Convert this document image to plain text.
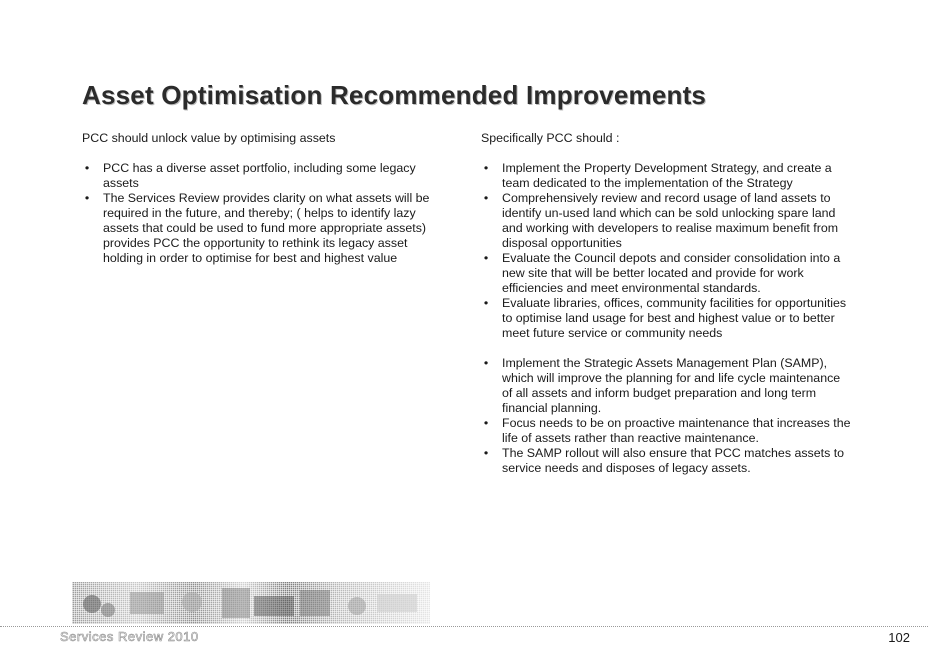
Asset Optimisation Recommended Improvements

PCC should unlock value by optimising assets

• PCC has a diverse asset portfolio, including some legacy assets
• The Services Review provides clarity on what assets will be required in the future, and thereby; ( helps to identify lazy assets that could be used to fund more appropriate assets) provides PCC the opportunity to rethink its legacy asset holding in order to optimise for best and highest value

Specifically PCC should :

• Implement the Property Development Strategy, and create a team dedicated to the implementation of the Strategy
• Comprehensively review and record usage of land assets to identify un-used land which can be sold unlocking spare land and working with developers to realise maximum benefit from disposal opportunities
• Evaluate the Council depots and consider consolidation into a new site that will be better located and provide for work efficiencies and meet environmental standards.
• Evaluate libraries, offices, community facilities for opportunities to optimise land usage for best and highest value or to better meet future service or community needs
• Implement the Strategic Assets Management Plan (SAMP), which will improve the planning for and life cycle maintenance of all assets and inform budget preparation and long term financial planning.
• Focus needs to be on proactive maintenance that increases the life of assets rather than reactive maintenance.
• The SAMP rollout will also ensure that PCC matches assets to service needs and disposes of legacy assets.
Services Review 2010	102
